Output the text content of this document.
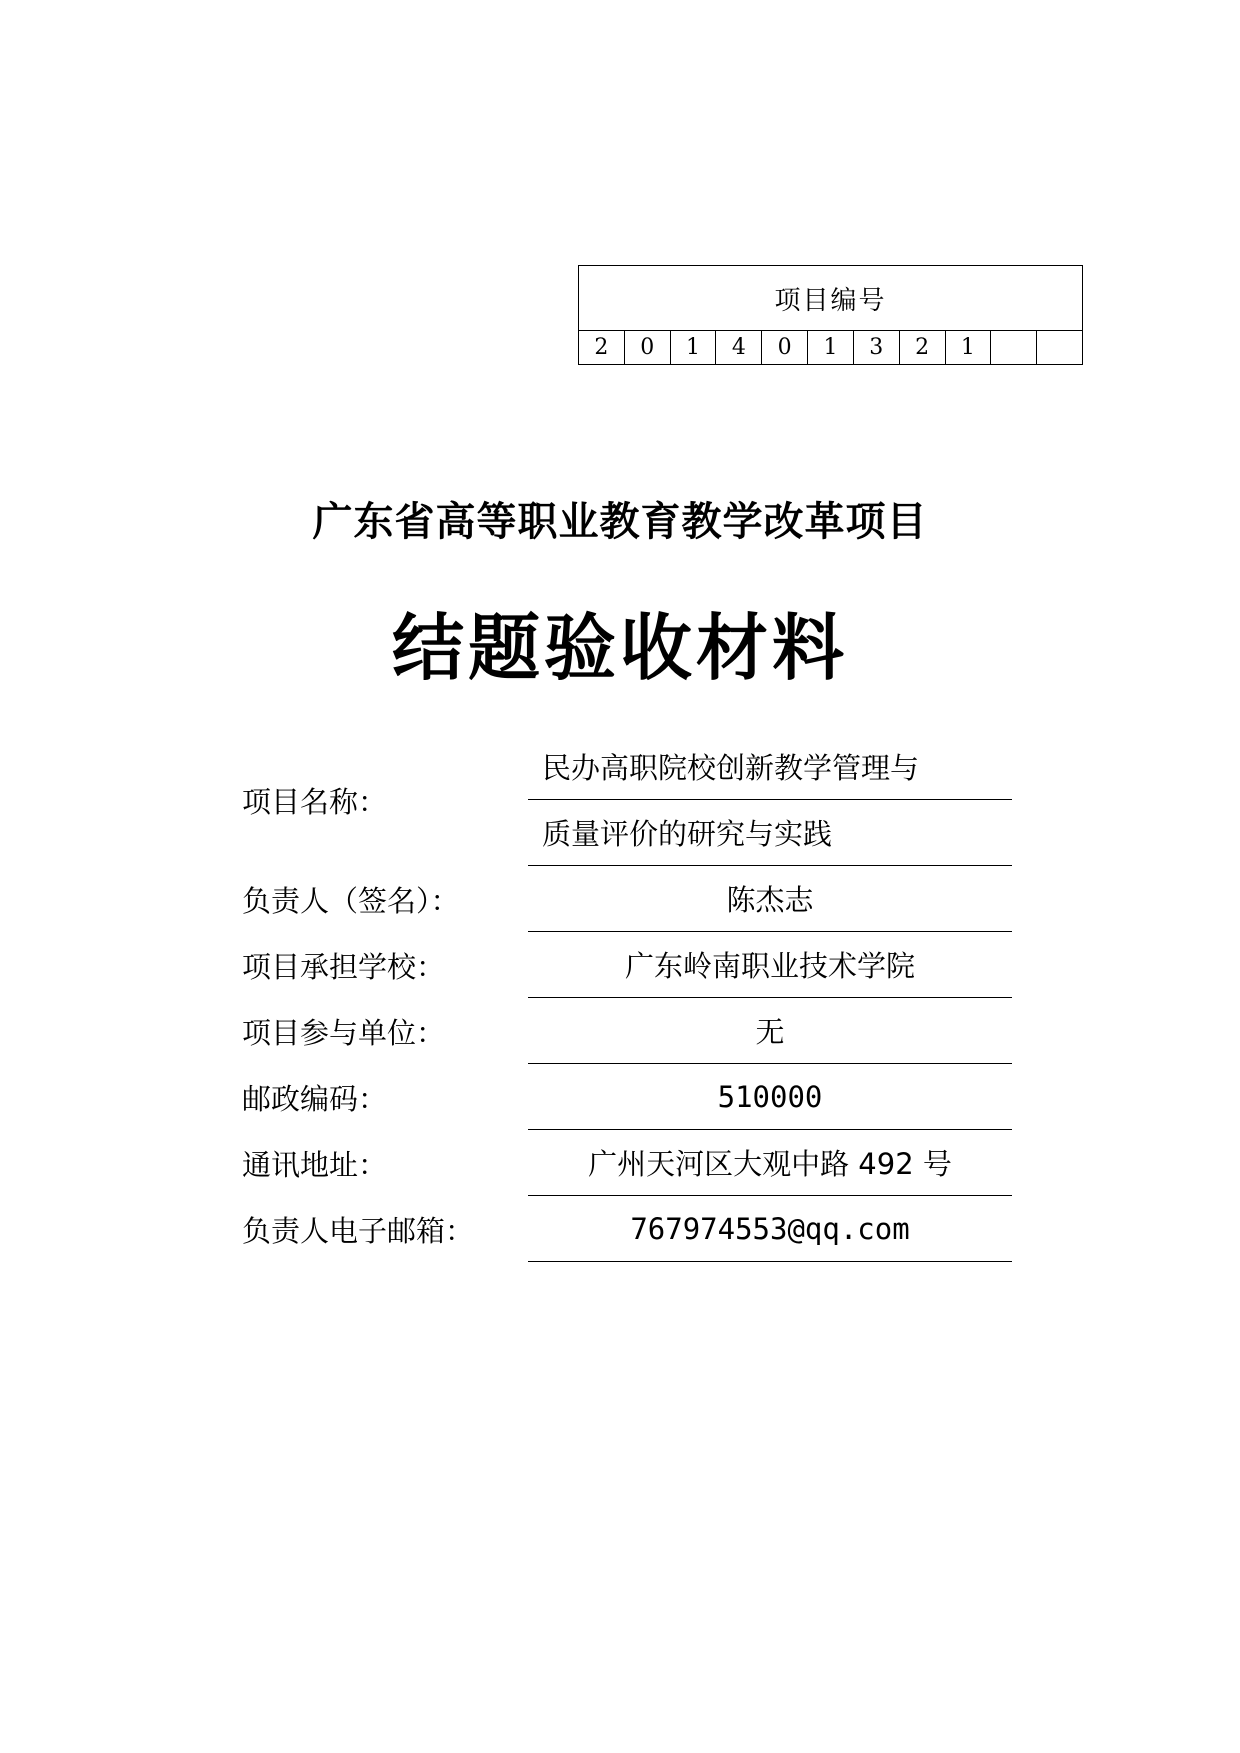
项目编号
2	0	1	4	0	1	3	2	1
广东省高等职业教育教学改革项目
结题验收材料
项目名称：
民办高职院校创新教学管理与
质量评价的研究与实践
负责人（签名）：	陈杰志
项目承担学校：	广东岭南职业技术学院
项目参与单位：	无
邮政编码：	510000
通讯地址：	广州天河区大观中路 492 号
负责人电子邮箱：	767974553@qq.com
